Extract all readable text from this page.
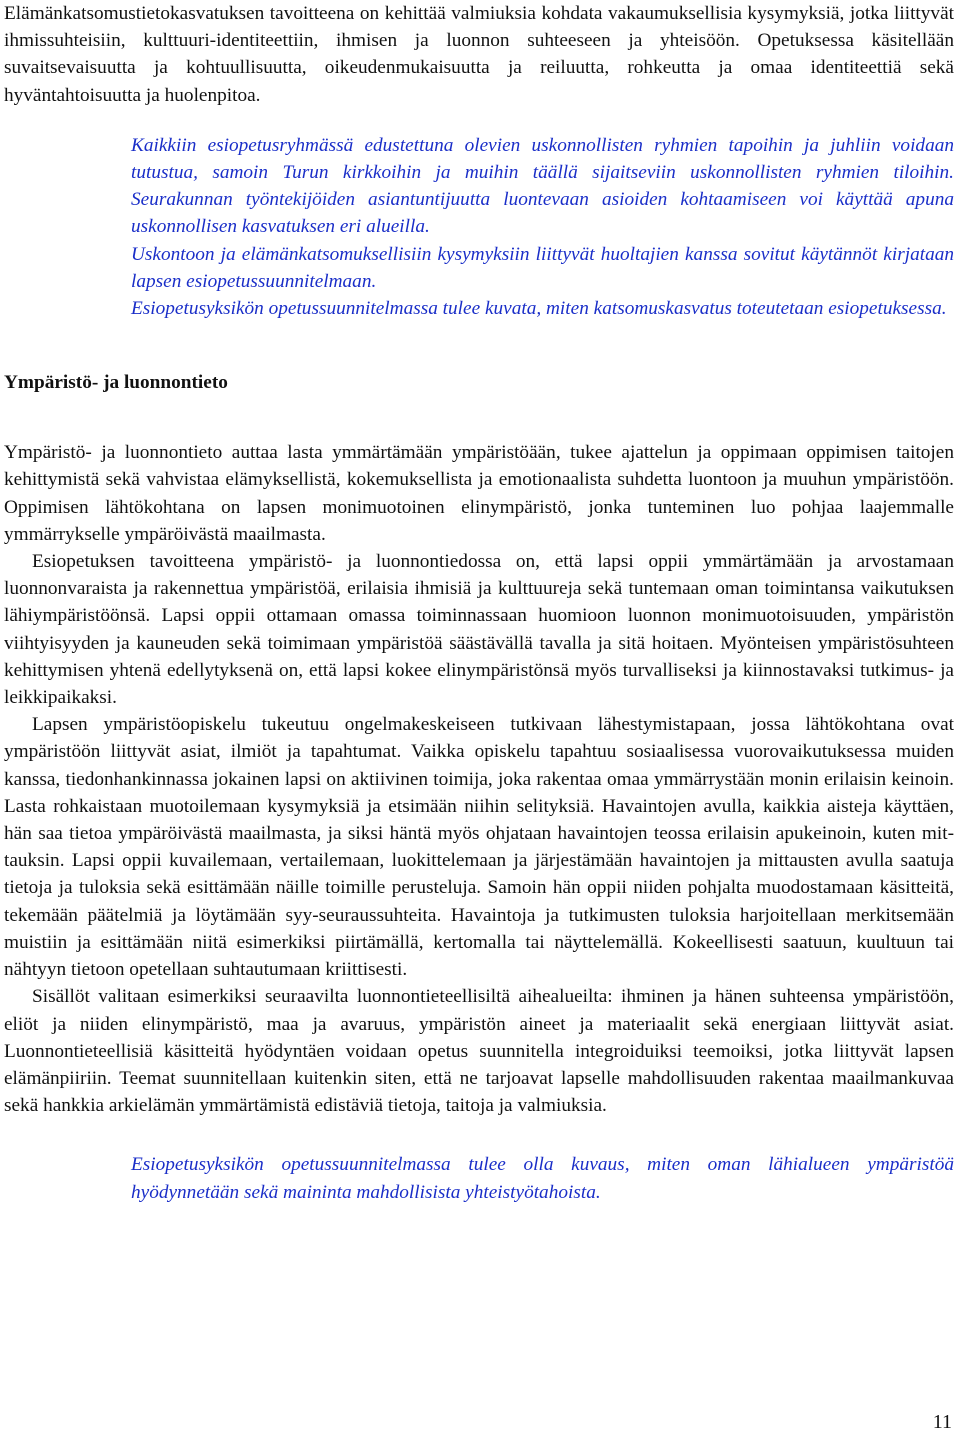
Elämänkatsomustietokasvatuksen tavoitteena on kehittää valmiuksia kohdata vakaumuksellisia kysymyksiä, jotka liittyvät ihmissuhteisiin, kulttuuri-identiteettiin, ihmisen ja luonnon suhteeseen ja yhteisöön. Opetuksessa käsitellään suvaitsevaisuutta ja kohtuullisuutta, oikeudenmukaisuutta ja reiluutta, rohkeutta ja omaa identiteettiä sekä hyväntahtoisuutta ja huolenpitoa.

Kaikkiin esiopetusryhmässä edustettuna olevien uskonnollisten ryhmien tapoihin ja juhliin voidaan tutustua, samoin Turun kirkkoihin ja muihin täällä sijaitseviin uskonnollisten ryhmien tiloihin. Seurakunnan työntekijöiden asiantuntijuutta luontevaan asioiden kohtaamiseen voi käyttää apuna uskonnollisen kasvatuksen eri alueilla.

Uskontoon ja elämänkatsomuksellisiin kysymyksiin liittyvät huoltajien kanssa sovitut käytännöt kirjataan lapsen esiopetussuunnitelmaan.

Esiopetusyksikön opetussuunnitelmassa tulee kuvata, miten katsomuskasvatus toteutetaan esiopetuksessa.

Ympäristö- ja luonnontieto

Ympäristö- ja luonnontieto auttaa lasta ymmärtämään ympäristöään, tukee ajattelun ja oppimaan oppimisen taitojen kehittymistä sekä vahvistaa elämyksellistä, kokemuksellista ja emotionaalista suhdetta luontoon ja muuhun ympäristöön. Oppimisen lähtökohtana on lapsen monimuotoinen elinympäristö, jonka tunteminen luo pohjaa laajemmalle ymmärrykselle ympäröivästä maailmasta.

Esiopetuksen tavoitteena ympäristö- ja luonnontiedossa on, että lapsi oppii ymmärtämään ja arvostamaan luonnonvaraista ja rakennettua ympäristöä, erilaisia ihmisiä ja kulttuureja sekä tuntemaan oman toimintansa vaikutuksen lähiympäristöönsä. Lapsi oppii ottamaan omassa toiminnassaan huomioon luonnon monimuotoisuuden, ympäristön viihtyisyyden ja kauneuden sekä toimimaan ympäristöä säästävällä tavalla ja sitä hoitaen. Myönteisen ympäristösuhteen kehittymisen yhtenä edellytyksenä on, että lapsi kokee elinympäristönsä myös turvalliseksi ja kiinnostavaksi tutkimus- ja leikkipaikaksi.

Lapsen ympäristöopiskelu tukeutuu ongelmakeskeiseen tutkivaan lähestymistapaan, jossa lähtökohtana ovat ympäristöön liittyvät asiat, ilmiöt ja tapahtumat. Vaikka opiskelu tapahtuu sosiaalisessa vuorovaikutuksessa muiden kanssa, tiedonhankinnassa jokainen lapsi on aktiivinen toimija, joka rakentaa omaa ymmärrystään monin erilaisin keinoin. Lasta rohkaistaan muotoilemaan kysymyksiä ja etsimään niihin selityksiä. Havaintojen avulla, kaikkia aisteja käyttäen, hän saa tietoa ympäröivästä maailmasta, ja siksi häntä myös ohjataan havaintojen teossa erilaisin apukeinoin, kuten mittauksin. Lapsi oppii kuvailemaan, vertailemaan, luokittelemaan ja järjestämään havaintojen ja mittausten avulla saatuja tietoja ja tuloksia sekä esittämään näille toimille perusteluja. Samoin hän oppii niiden pohjalta muodostamaan käsitteitä, tekemään päätelmiä ja löytämään syy-seuraussuhteita. Havaintoja ja tutkimusten tuloksia harjoitellaan merkitsemään muistiin ja esittämään niitä esimerkiksi piirtämällä, kertomalla tai näyttelemällä. Kokeellisesti saatuun, kuultuun tai nähtyyn tietoon opetellaan suhtautumaan kriittisesti.

Sisällöt valitaan esimerkiksi seuraavilta luonnontieteellisiltä aihealueilta: ihminen ja hänen suhteensa ympäristöön, eliöt ja niiden elinympäristö, maa ja avaruus, ympäristön aineet ja materiaalit sekä energiaan liittyvät asiat. Luonnontieteellisiä käsitteitä hyödyntäen voidaan opetus suunnitella integroiduiksi teemoiksi, jotka liittyvät lapsen elämänpiiriin. Teemat suunnitellaan kuitenkin siten, että ne tarjoavat lapselle mahdollisuuden rakentaa maailmankuvaa sekä hankkia arkielämän ymmärtämistä edistäviä tietoja, taitoja ja valmiuksia.

Esiopetusyksikön opetussuunnitelmassa tulee olla kuvaus, miten oman lähialueen ympäristöä hyödynnetään sekä maininta mahdollisista yhteistyötahoista.

11
